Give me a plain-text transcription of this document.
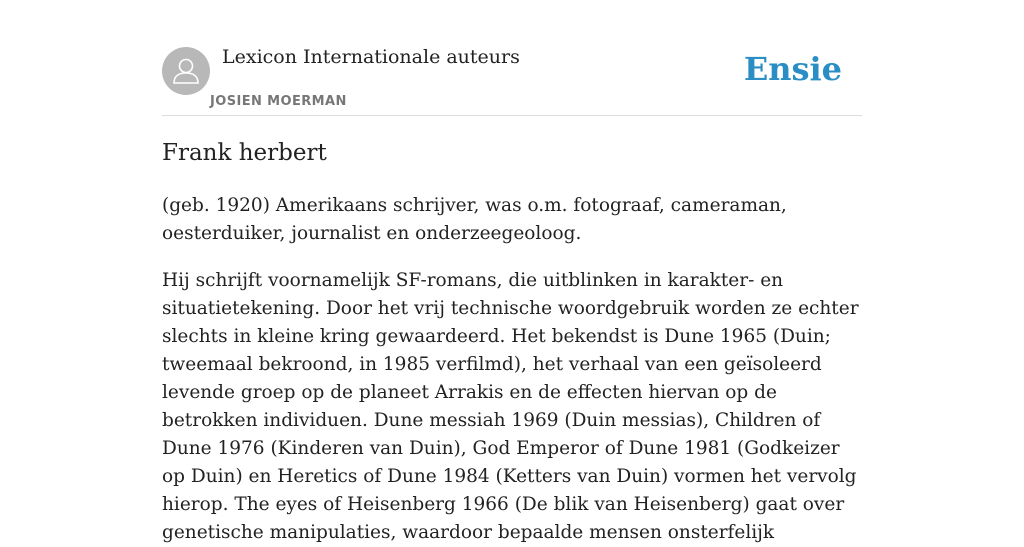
Lexicon Internationale auteurs
JOSIEN MOERMAN
Ensie
Frank herbert

(geb. 1920) Amerikaans schrijver, was o.m. fotograaf, cameraman, oesterduiker, journalist en onderzeegeoloog.

Hij schrijft voornamelijk SF-romans, die uitblinken in karakter- en situatietekening. Door het vrij technische woordgebruik worden ze echter slechts in kleine kring gewaardeerd. Het bekendst is Dune 1965 (Duin; tweemaal bekroond, in 1985 verfilmd), het verhaal van een geïsoleerd levende groep op de planeet Arrakis en de effecten hiervan op de betrokken individuen. Dune messiah 1969 (Duin messias), Children of Dune 1976 (Kinderen van Duin), God Emperor of Dune 1981 (Godkeizer op Duin) en Heretics of Dune 1984 (Ketters van Duin) vormen het vervolg hierop. The eyes of Heisenberg 1966 (De blik van Heisenberg) gaat over genetische manipulaties, waardoor bepaalde mensen onsterfelijk
